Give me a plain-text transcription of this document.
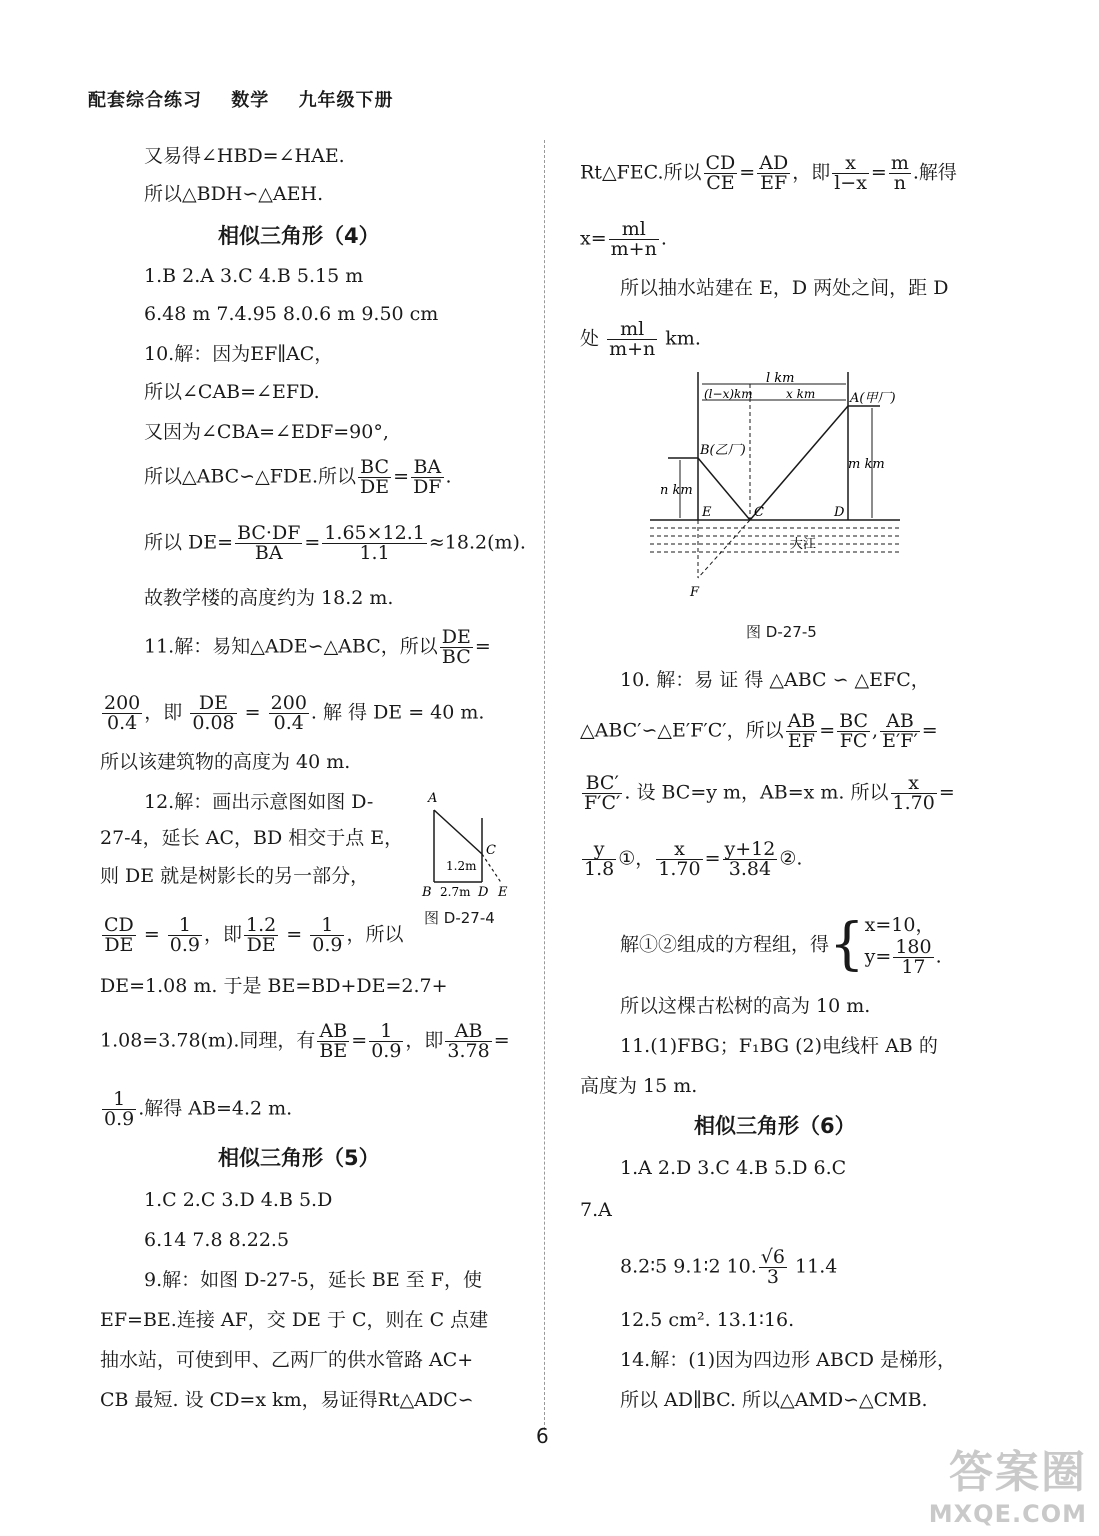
配套综合练习 数学 九年级下册
又易得∠HBD=∠HAE.
所以△BDH∽△AEH.
相似三角形（4）
1.B 2.A 3.C 4.B 5.15 m
6.48 m 7.4.95 8.0.6 m 9.50 cm
10.解：因为EF∥AC，
所以∠CAB=∠EFD.
又因为∠CBA=∠EDF=90°,
所以△ABC∽△FDE.所以 $\frac{BC}{DE} = \frac{BA}{DF}$ .
所以 $DE= \frac{BC\cdot DF}{BA} = \frac{1.65\times 12.1}{1.1} \approx 18.2(m)$.
故教学楼的高度约为 18.2 m.
11.解：易知△ADE∽△ABC，所以 $\frac{DE}{BC}$ =
$\frac{200}{0.4}$ ，即 $\frac{DE}{0.08} = \frac{200}{0.4}$ . 解 得 DE = 40 m.
所以该建筑物的高度为 40 m.
12.解：画出示意图如图 D-
27-4，延长 AC，BD 相交于点 E，
则 DE 就是树影长的另一部分，
A
C
1.2m
B 2.7m D E
图 D-27-4
$\frac{CD}{DE} = \frac{1}{0.9}$ ，即 $\frac{1.2}{DE} = \frac{1}{0.9}$ ，所以
DE=1.08 m. 于是 BE=BD+DE=2.7+
1.08=3.78(m).同理，有 $\frac{AB}{BE} = \frac{1}{0.9}$ ，即 $\frac{AB}{3.78}$ =
$\frac{1}{0.9}$ .解得 AB=4.2 m.
相似三角形（5）
1.C 2.C 3.D 4.B 5.D
6.14 7.8 8.22.5
9.解：如图 D-27-5，延长 BE 至 F，使
EF=BE.连接 AF，交 DE 于 C，则在 C 点建
抽水站，可使到甲、乙两厂的供水管路 AC+
CB 最短. 设 CD=x km，易证得Rt△ADC∽
Rt△FEC.所以 $\frac{CD}{CE} = \frac{AD}{EF}$ ，即 $\frac{x}{l-x} = \frac{m}{n}$ .解得
$x= \frac{ml}{m+n}$ .
所以抽水站建在 E，D 两处之间，距 D
处 $\frac{ml}{m+n}$ km.
l km
(l−x)km	x km	A(甲厂)
B(乙厂)
m km
n km
E	C	D
大江
F
图 D-27-5
10. 解：易 证 得 △ABC ∽ △EFC，
△ABC′∽△E′F′C′，所以 $\frac{AB}{EF} = \frac{BC}{FC}$ , $\frac{AB}{E'F'}$ =
$\frac{BC'}{F'C'}$ . 设 BC=y m，AB=x m. 所以 $\frac{x}{1.70}$ =
$\frac{y}{1.8}$ ①， $\frac{x}{1.70} = \frac{y+12}{3.84}$ ②.
解①②组成的方程组，得{ x=10，
$y= \frac{180}{17}$ .
所以这棵古松树的高为 10 m.
11.(1)FBG；F₁BG (2)电线杆 AB 的
高度为 15 m.
相似三角形（6）
1.A 2.D 3.C 4.B 5.D 6.C
7.A
8.2∶5 9.1∶2 10. $\frac{√6}{3} 11.4$
12.5 cm². 13.1∶16.
14.解：(1)因为四边形 ABCD 是梯形，
所以 AD∥BC. 所以△AMD∽△CMB.
6
答案圈
MXQE.COM
